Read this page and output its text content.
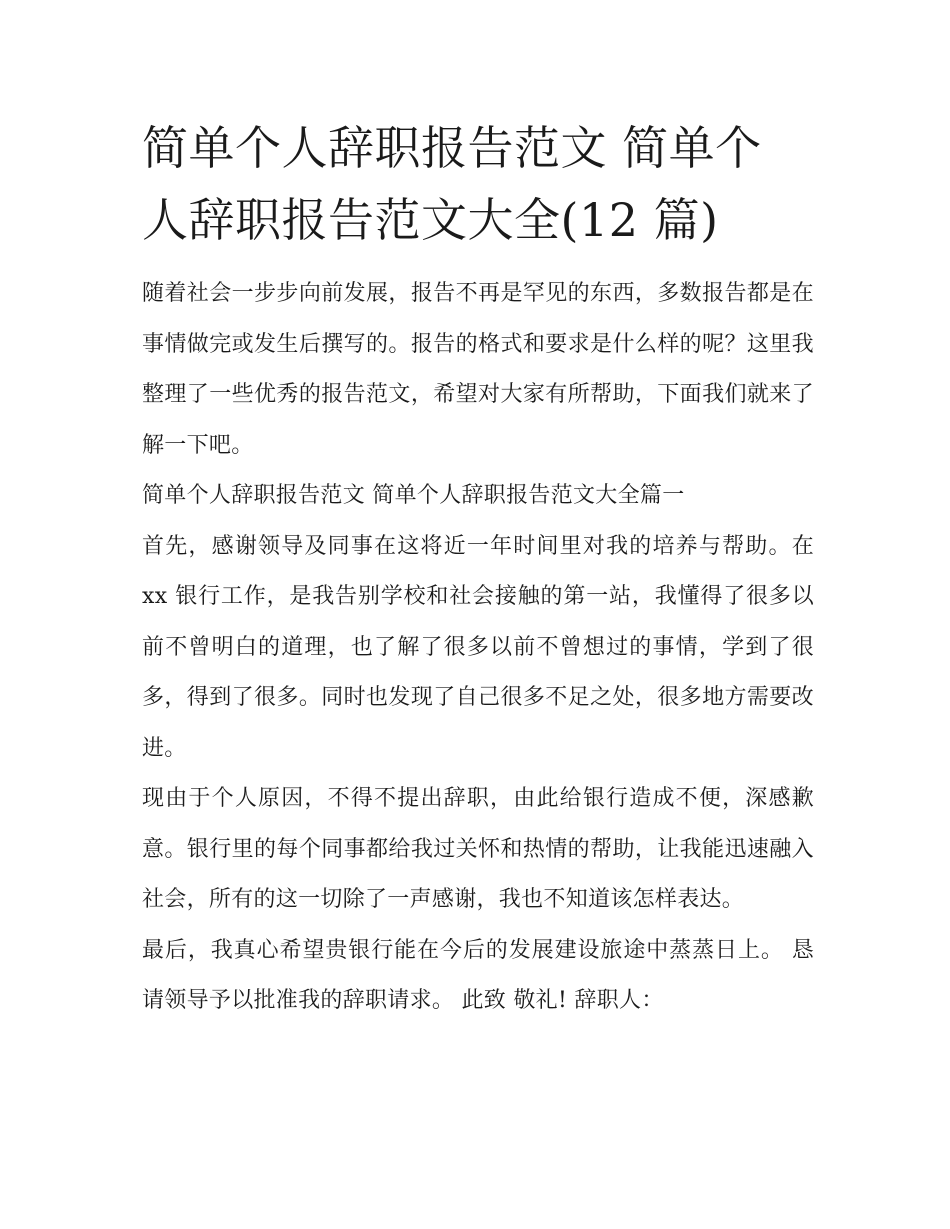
简单个人辞职报告范文 简单个
人辞职报告范文大全(12 篇)

随着社会一步步向前发展，报告不再是罕见的东西，多数报告都是在事情做完或发生后撰写的。报告的格式和要求是什么样的呢？这里我整理了一些优秀的报告范文，希望对大家有所帮助，下面我们就来了解一下吧。

简单个人辞职报告范文 简单个人辞职报告范文大全篇一

首先，感谢领导及同事在这将近一年时间里对我的培养与帮助。在 xx 银行工作，是我告别学校和社会接触的第一站，我懂得了很多以前不曾明白的道理，也了解了很多以前不曾想过的事情，学到了很多，得到了很多。同时也发现了自己很多不足之处，很多地方需要改进。

现由于个人原因，不得不提出辞职，由此给银行造成不便，深感歉意。银行里的每个同事都给我过关怀和热情的帮助，让我能迅速融入社会，所有的这一切除了一声感谢，我也不知道该怎样表达。

最后，我真心希望贵银行能在今后的发展建设旅途中蒸蒸日上。 恳请领导予以批准我的辞职请求。 此致 敬礼! 辞职人：
